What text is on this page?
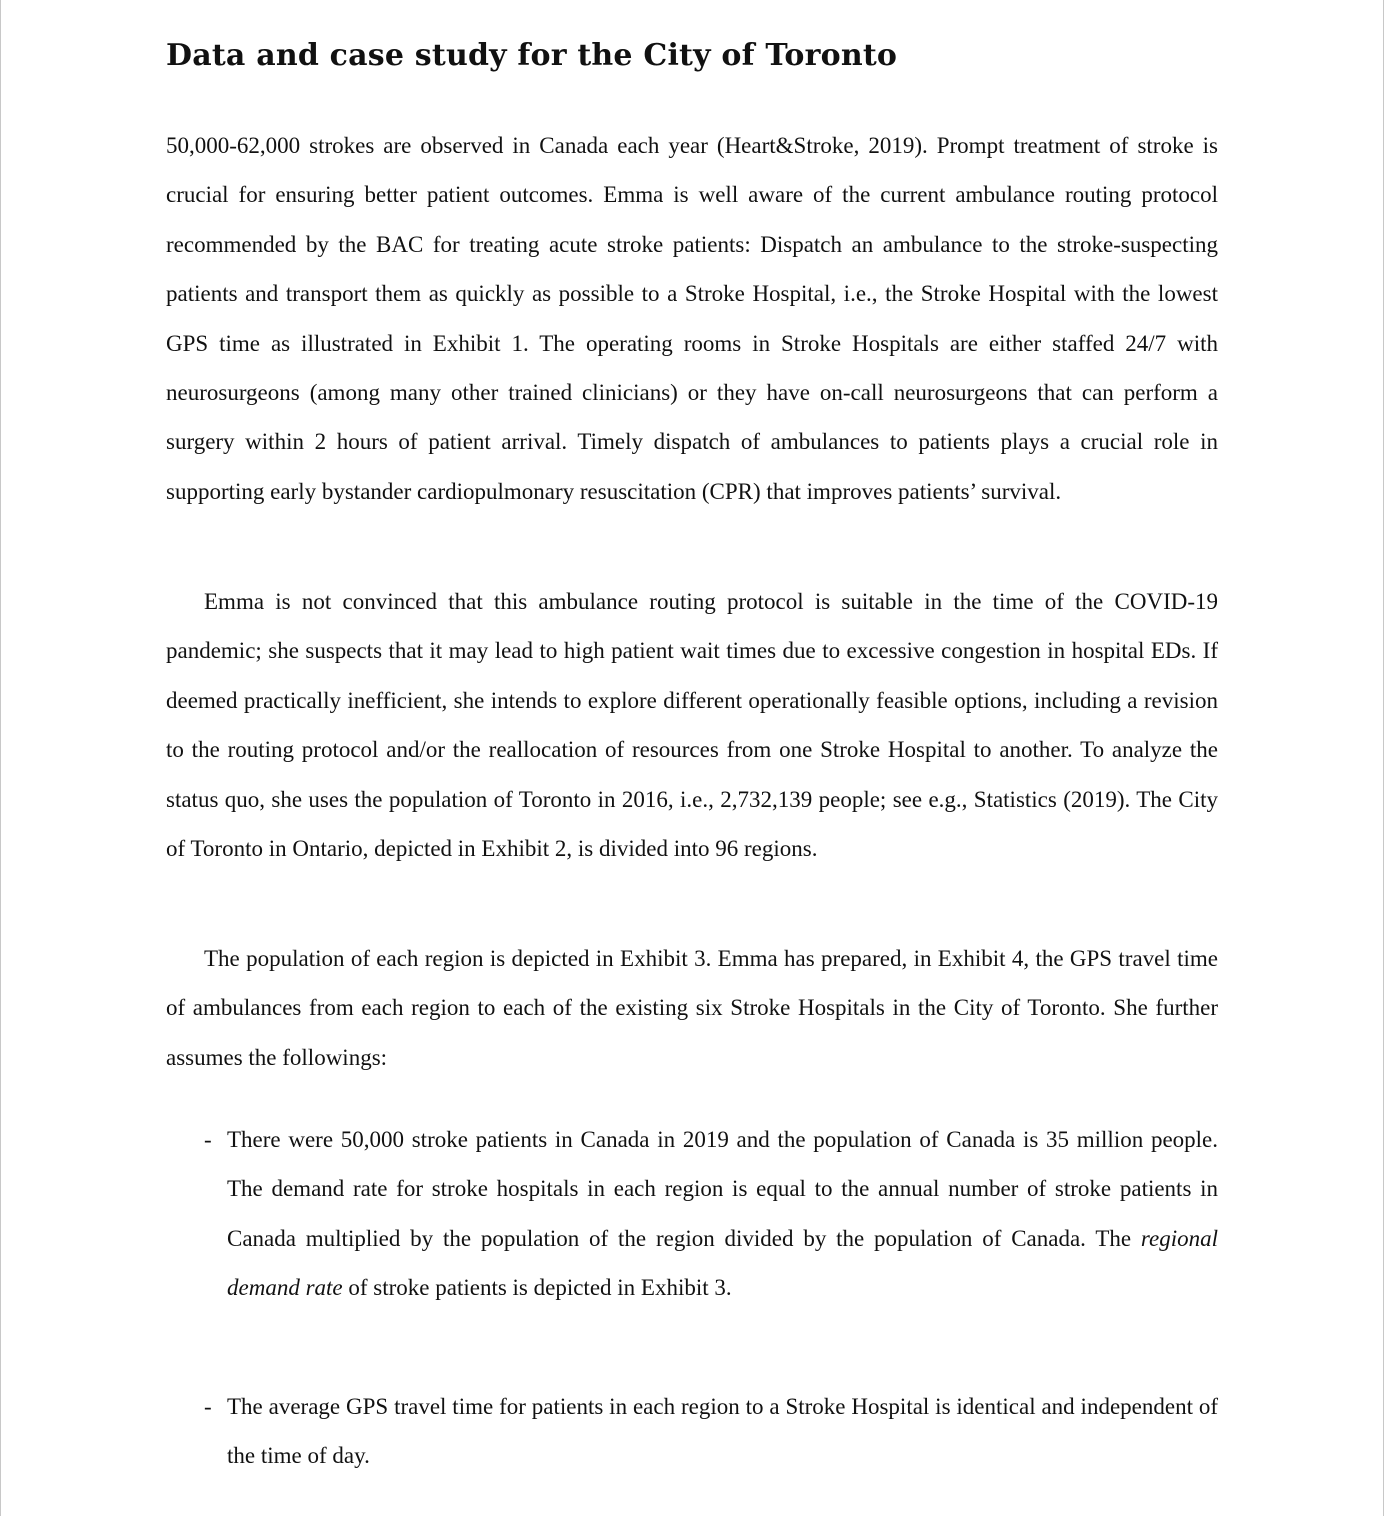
Data and case study for the City of Toronto

50,000-62,000 strokes are observed in Canada each year (Heart&Stroke, 2019). Prompt treatment of stroke is crucial for ensuring better patient outcomes. Emma is well aware of the current ambulance routing protocol recommended by the BAC for treating acute stroke patients: Dispatch an ambulance to the stroke-suspecting patients and transport them as quickly as possible to a Stroke Hospital, i.e., the Stroke Hospital with the lowest GPS time as illustrated in Exhibit 1. The operating rooms in Stroke Hospitals are either staffed 24/7 with neurosurgeons (among many other trained clinicians) or they have on-call neurosurgeons that can perform a surgery within 2 hours of patient arrival. Timely dispatch of ambulances to patients plays a crucial role in supporting early bystander cardiopulmonary resuscitation (CPR) that improves patients’ survival.

Emma is not convinced that this ambulance routing protocol is suitable in the time of the COVID-19 pandemic; she suspects that it may lead to high patient wait times due to excessive congestion in hospital EDs. If deemed practically inefficient, she intends to explore different operationally feasible options, including a revision to the routing protocol and/or the reallocation of resources from one Stroke Hospital to another. To analyze the status quo, she uses the population of Toronto in 2016, i.e., 2,732,139 people; see e.g., Statistics (2019). The City of Toronto in Ontario, depicted in Exhibit 2, is divided into 96 regions.

The population of each region is depicted in Exhibit 3. Emma has prepared, in Exhibit 4, the GPS travel time of ambulances from each region to each of the existing six Stroke Hospitals in the City of Toronto. She further assumes the followings:

- There were 50,000 stroke patients in Canada in 2019 and the population of Canada is 35 million people. The demand rate for stroke hospitals in each region is equal to the annual number of stroke patients in Canada multiplied by the population of the region divided by the population of Canada. The regional demand rate of stroke patients is depicted in Exhibit 3.
- The average GPS travel time for patients in each region to a Stroke Hospital is identical and independent of the time of day.
